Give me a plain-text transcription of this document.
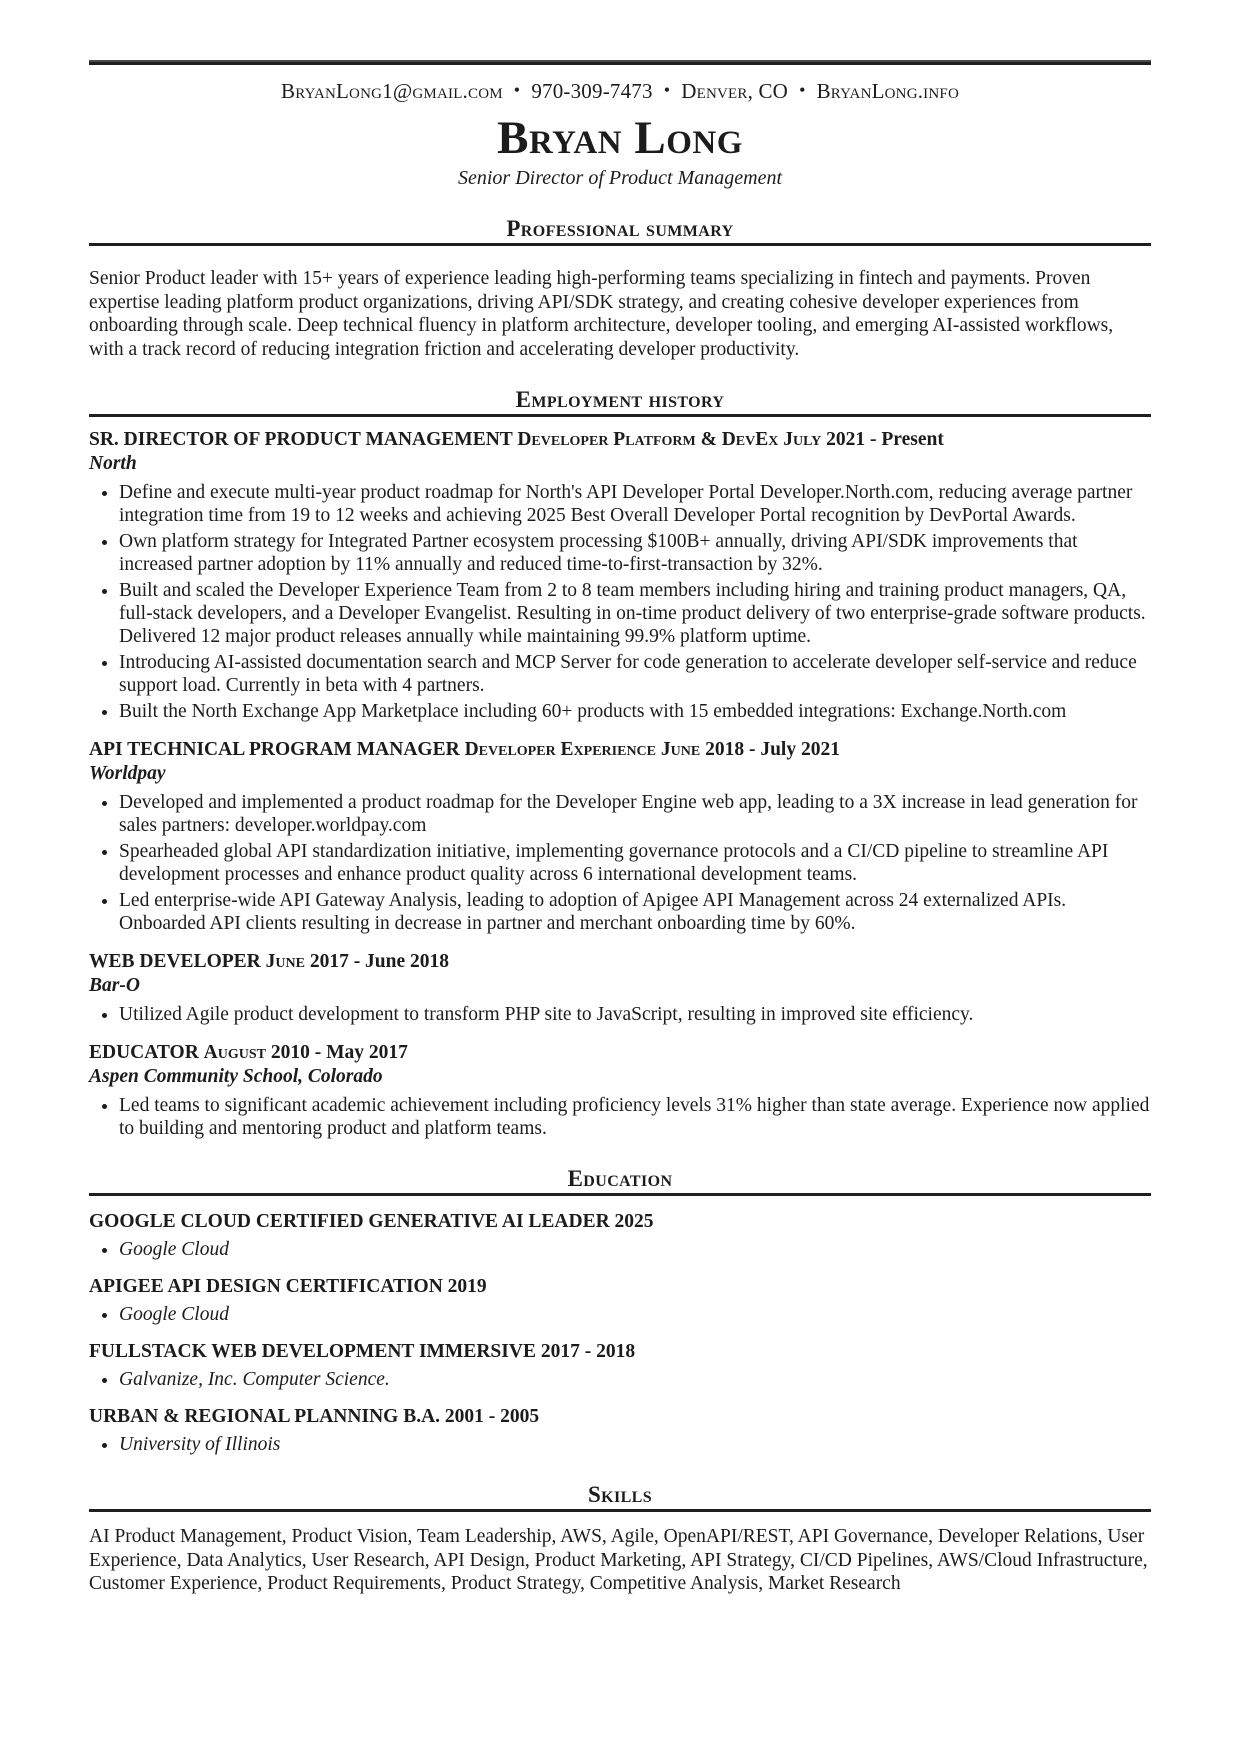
BryanLong1@gmail.com • 970-309-7473 • Denver, CO • BryanLong.info
Bryan Long
Senior Director of Product Management
Professional summary

Senior Product leader with 15+ years of experience leading high-performing teams specializing in fintech and payments. Proven expertise leading platform product organizations, driving API/SDK strategy, and creating cohesive developer experiences from onboarding through scale. Deep technical fluency in platform architecture, developer tooling, and emerging AI-assisted workflows, with a track record of reducing integration friction and accelerating developer productivity.

Employment history
SR. DIRECTOR OF PRODUCT MANAGEMENT Developer Platform & DevEx July 2021 - Present
North
• Define and execute multi-year product roadmap for North's API Developer Portal Developer.North.com, reducing average partner integration time from 19 to 12 weeks and achieving 2025 Best Overall Developer Portal recognition by DevPortal Awards.
• Own platform strategy for Integrated Partner ecosystem processing $100B+ annually, driving API/SDK improvements that increased partner adoption by 11% annually and reduced time-to-first-transaction by 32%.
• Built and scaled the Developer Experience Team from 2 to 8 team members including hiring and training product managers, QA, full-stack developers, and a Developer Evangelist. Resulting in on-time product delivery of two enterprise-grade software products. Delivered 12 major product releases annually while maintaining 99.9% platform uptime.
• Introducing AI-assisted documentation search and MCP Server for code generation to accelerate developer self-service and reduce support load. Currently in beta with 4 partners.
• Built the North Exchange App Marketplace including 60+ products with 15 embedded integrations: Exchange.North.com
API TECHNICAL PROGRAM MANAGER Developer Experience June 2018 - July 2021
Worldpay
• Developed and implemented a product roadmap for the Developer Engine web app, leading to a 3X increase in lead generation for sales partners: developer.worldpay.com
• Spearheaded global API standardization initiative, implementing governance protocols and a CI/CD pipeline to streamline API development processes and enhance product quality across 6 international development teams.
• Led enterprise-wide API Gateway Analysis, leading to adoption of Apigee API Management across 24 externalized APIs. Onboarded API clients resulting in decrease in partner and merchant onboarding time by 60%.
WEB DEVELOPER June 2017 - June 2018
Bar-O
• Utilized Agile product development to transform PHP site to JavaScript, resulting in improved site efficiency.
EDUCATOR August 2010 - May 2017
Aspen Community School, Colorado
• Led teams to significant academic achievement including proficiency levels 31% higher than state average. Experience now applied to building and mentoring product and platform teams.
Education
GOOGLE CLOUD CERTIFIED GENERATIVE AI LEADER 2025
• Google Cloud
APIGEE API DESIGN CERTIFICATION 2019
• Google Cloud
FULLSTACK WEB DEVELOPMENT IMMERSIVE 2017 - 2018
• Galvanize, Inc. Computer Science.
URBAN & REGIONAL PLANNING B.A. 2001 - 2005
• University of Illinois
Skills

AI Product Management, Product Vision, Team Leadership, AWS, Agile, OpenAPI/REST, API Governance, Developer Relations, User Experience, Data Analytics, User Research, API Design, Product Marketing, API Strategy, CI/CD Pipelines, AWS/Cloud Infrastructure, Customer Experience, Product Requirements, Product Strategy, Competitive Analysis, Market Research
